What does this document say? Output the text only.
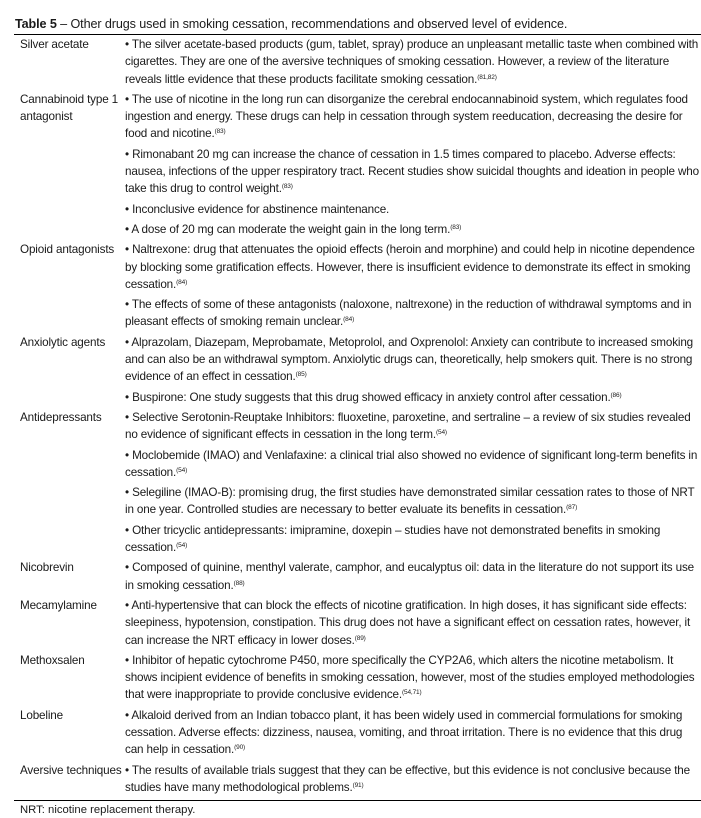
Table 5 – Other drugs used in smoking cessation, recommendations and observed level of evidence.
Silver acetate	• The silver acetate-based products (gum, tablet, spray) produce an unpleasant metallic taste when combined with cigarettes. They are one of the aversive techniques of smoking cessation. However, a review of the literature reveals little evidence that these products facilitate smoking cessation.$^{(81,82)}$

Cannabinoid type 1 antagonist	• The use of nicotine in the long run can disorganize the cerebral endocannabinoid system, which regulates food ingestion and energy. These drugs can help in cessation through system reeducation, decreasing the desire for food and nicotine.$^{(83)}$
• Rimonabant 20 mg can increase the chance of cessation in 1.5 times compared to placebo. Adverse effects: nausea, infections of the upper respiratory tract. Recent studies show suicidal thoughts and ideation in people who take this drug to control weight.$^{(83)}$
• Inconclusive evidence for abstinence maintenance.
• A dose of 20 mg can moderate the weight gain in the long term.$^{(83)}$

Opioid antagonists	• Naltrexone: drug that attenuates the opioid effects (heroin and morphine) and could help in nicotine dependence by blocking some gratification effects. However, there is insufficient evidence to demonstrate its effect in smoking cessation.$^{(84)}$
• The effects of some of these antagonists (naloxone, naltrexone) in the reduction of withdrawal symptoms and in pleasant effects of smoking remain unclear.$^{(84)}$

Anxiolytic agents	• Alprazolam, Diazepam, Meprobamate, Metoprolol, and Oxprenolol: Anxiety can contribute to increased smoking and can also be an withdrawal symptom. Anxiolytic drugs can, theoretically, help smokers quit. There is no strong evidence of an effect in cessation.$^{(85)}$
• Buspirone: One study suggests that this drug showed efficacy in anxiety control after cessation.$^{(86)}$

Antidepressants	• Selective Serotonin-Reuptake Inhibitors: fluoxetine, paroxetine, and sertraline – a review of six studies revealed no evidence of significant effects in cessation in the long term.$^{(54)}$
• Moclobemide (IMAO) and Venlafaxine: a clinical trial also showed no evidence of significant long-term benefits in cessation.$^{(54)}$
• Selegiline (IMAO-B): promising drug, the first studies have demonstrated similar cessation rates to those of NRT in one year. Controlled studies are necessary to better evaluate its benefits in cessation.$^{(87)}$
• Other tricyclic antidepressants: imipramine, doxepin – studies have not demonstrated benefits in smoking cessation.$^{(54)}$

Nicobrevin	• Composed of quinine, menthyl valerate, camphor, and eucalyptus oil: data in the literature do not support its use in smoking cessation.$^{(88)}$

Mecamylamine	• Anti-hypertensive that can block the effects of nicotine gratification. In high doses, it has significant side effects: sleepiness, hypotension, constipation. This drug does not have a significant effect on cessation rates, however, it can increase the NRT efficacy in lower doses.$^{(89)}$

Methoxsalen	• Inhibitor of hepatic cytochrome P450, more specifically the CYP2A6, which alters the nicotine metabolism. It shows incipient evidence of benefits in smoking cessation, however, most of the studies employed methodologies that were inappropriate to provide conclusive evidence.$^{(54,71)}$

Lobeline	• Alkaloid derived from an Indian tobacco plant, it has been widely used in commercial formulations for smoking cessation. Adverse effects: dizziness, nausea, vomiting, and throat irritation. There is no evidence that this drug can help in cessation.$^{(90)}$

Aversive techniques	• The results of available trials suggest that they can be effective, but this evidence is not conclusive because the studies have many methodological problems.$^{(91)}$
NRT: nicotine replacement therapy.
